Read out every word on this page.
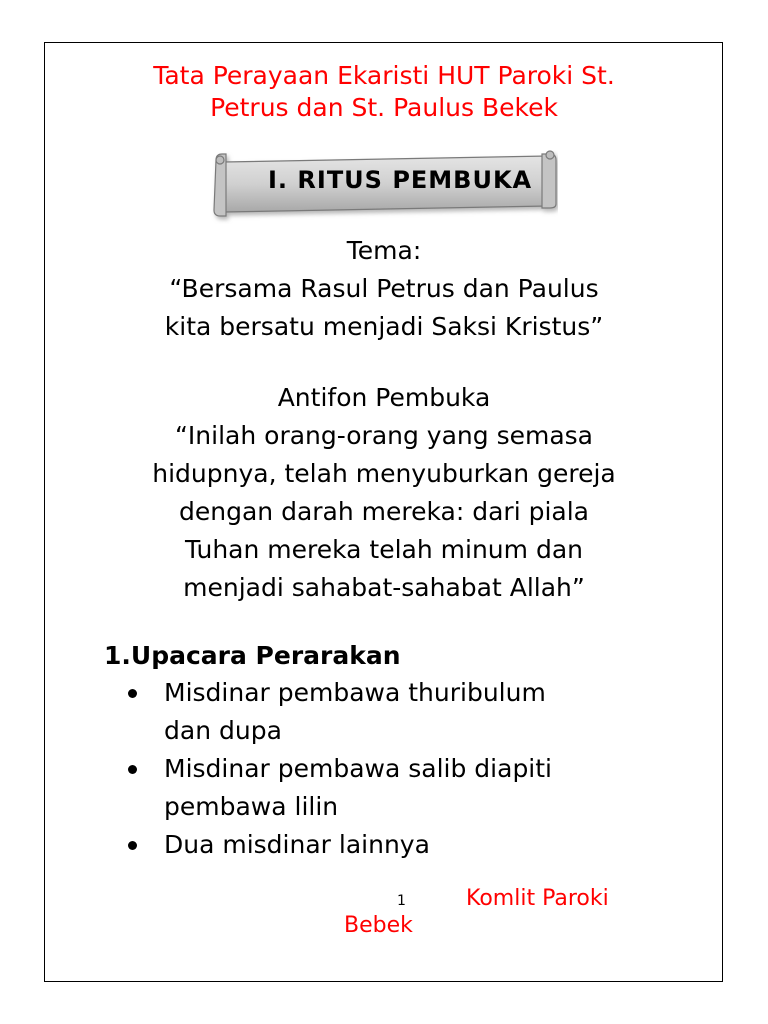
Tata Perayaan Ekaristi HUT Paroki St.
Petrus dan St. Paulus Bekek
I. RITUS PEMBUKA
Tema:
“Bersama Rasul Petrus dan Paulus
kita bersatu menjadi Saksi Kristus”
Antifon Pembuka
“Inilah orang-orang yang semasa
hidupnya, telah menyuburkan gereja
dengan darah mereka: dari piala
Tuhan mereka telah minum dan
menjadi sahabat-sahabat Allah”
1.Upacara Perarakan
Misdinar pembawa thuribulum
dan dupa
Misdinar pembawa salib diapiti
pembawa lilin
Dua misdinar lainnya
1	Komlit Paroki
Bebek
